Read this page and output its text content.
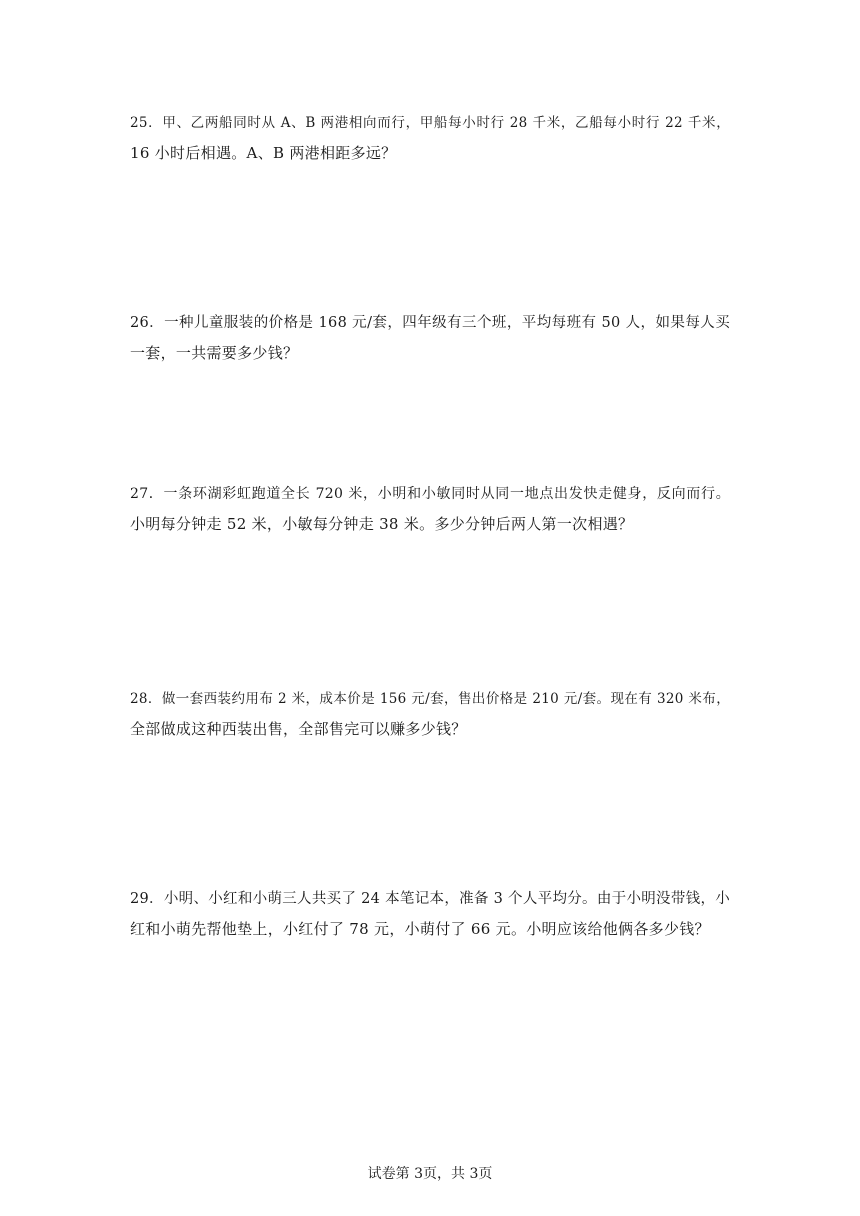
25．甲、乙两船同时从 A、B 两港相向而行，甲船每小时行 28 千米，乙船每小时行 22 千米，
16 小时后相遇。A、B 两港相距多远？
26．一种儿童服装的价格是 168 元/套，四年级有三个班，平均每班有 50 人，如果每人买
一套，一共需要多少钱？
27．一条环湖彩虹跑道全长 720 米，小明和小敏同时从同一地点出发快走健身，反向而行。
小明每分钟走 52 米，小敏每分钟走 38 米。多少分钟后两人第一次相遇？
28．做一套西装约用布 2 米，成本价是 156 元/套，售出价格是 210 元/套。现在有 320 米布，
全部做成这种西装出售，全部售完可以赚多少钱？
29．小明、小红和小萌三人共买了 24 本笔记本，准备 3 个人平均分。由于小明没带钱，小
红和小萌先帮他垫上，小红付了 78 元，小萌付了 66 元。小明应该给他俩各多少钱？
试卷第 3页，共 3页
